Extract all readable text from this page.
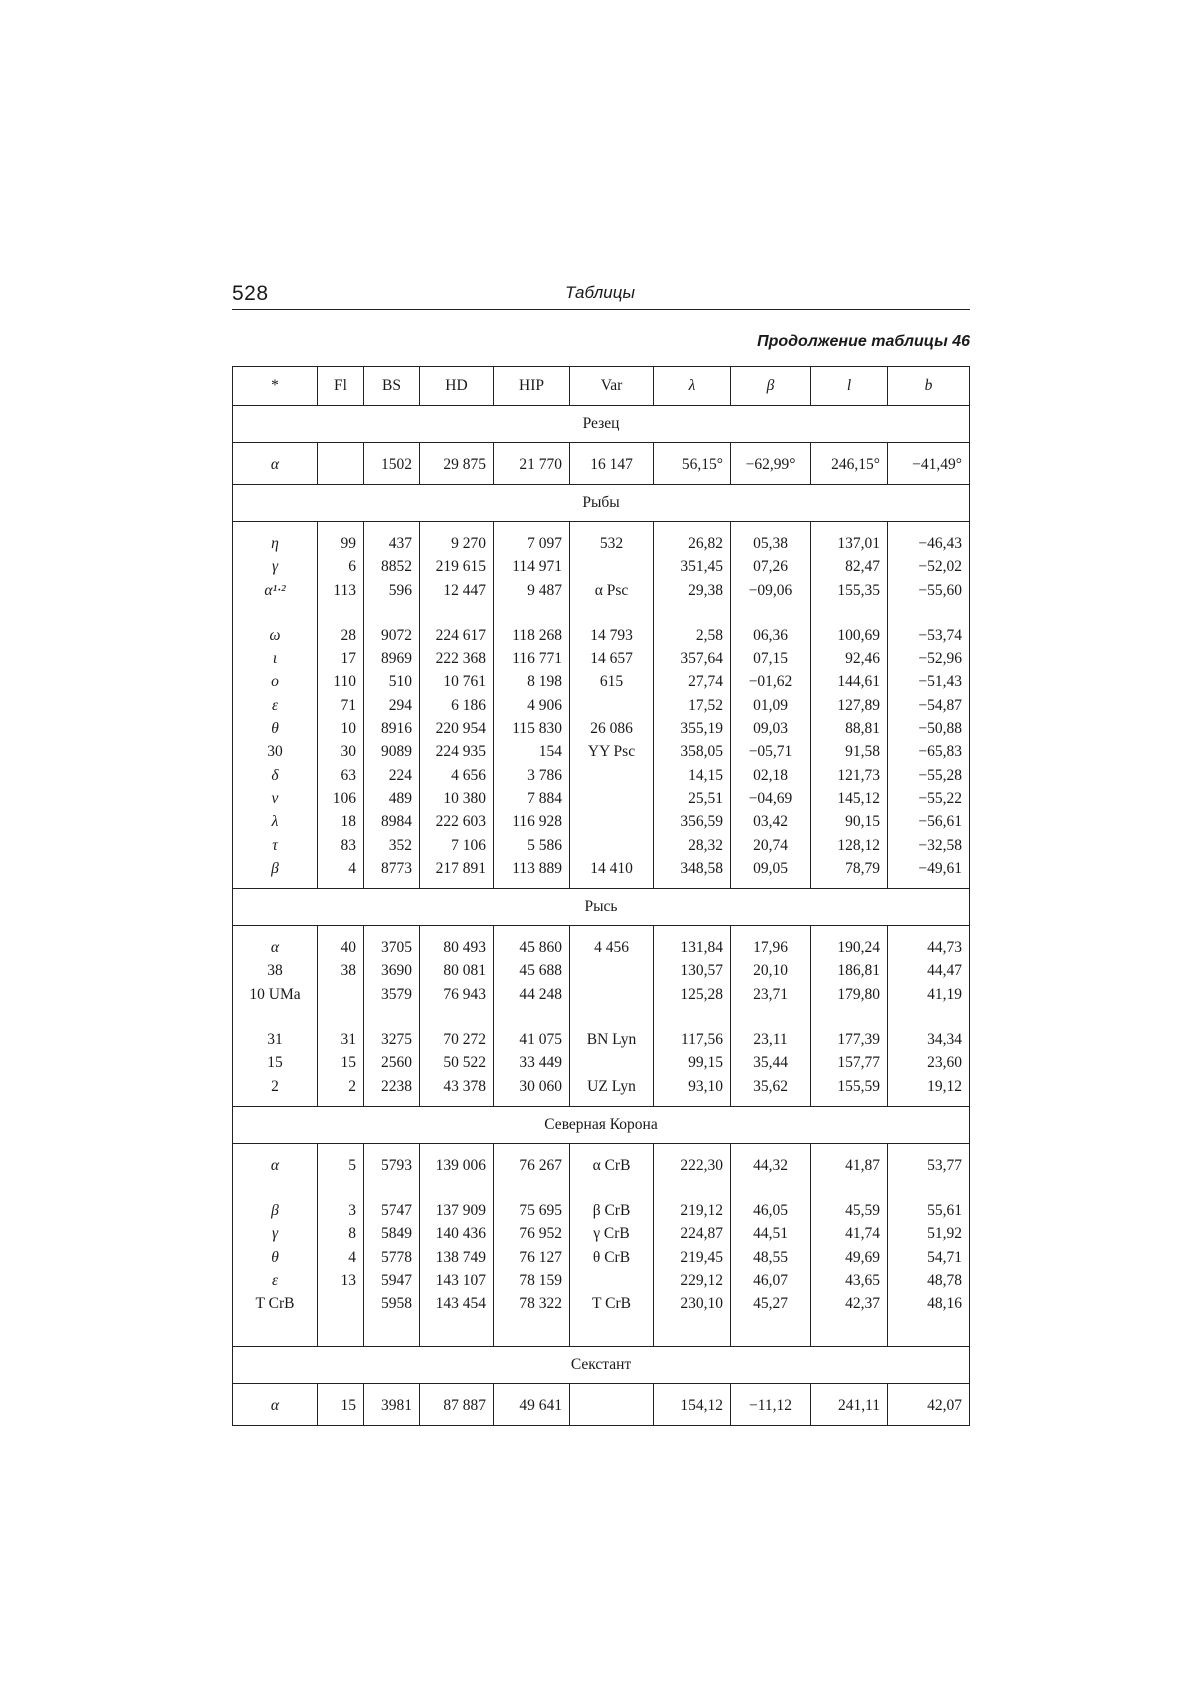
528	Таблицы
Продолжение таблицы 46
*	Fl	BS	HD	HIP	Var	λ	β	l	b
Резец									
α		1502	29 875	21 770	16 147	56,15°	−62,99°	246,15°	−41,49°
Рыбы									
η	99	437	9 270	7 097	532	26,82	05,38	137,01	−46,43
γ	6	8852	219 615	114 971		351,45	07,26	82,47	−52,02
α¹·²	113	596	12 447	9 487	α Psc	29,38	−09,06	155,35	−55,60

ω	28	9072	224 617	118 268	14 793	2,58	06,36	100,69	−53,74
ι	17	8969	222 368	116 771	14 657	357,64	07,15	92,46	−52,96
ο	110	510	10 761	8 198	615	27,74	−01,62	144,61	−51,43
ε	71	294	6 186	4 906		17,52	01,09	127,89	−54,87
θ	10	8916	220 954	115 830	26 086	355,19	09,03	88,81	−50,88
30	30	9089	224 935	154	YY Psc	358,05	−05,71	91,58	−65,83
δ	63	224	4 656	3 786		14,15	02,18	121,73	−55,28
ν	106	489	10 380	7 884		25,51	−04,69	145,12	−55,22
λ	18	8984	222 603	116 928		356,59	03,42	90,15	−56,61
τ	83	352	7 106	5 586		28,32	20,74	128,12	−32,58
β	4	8773	217 891	113 889	14 410	348,58	09,05	78,79	−49,61
Рысь									
α	40	3705	80 493	45 860	4 456	131,84	17,96	190,24	44,73
38	38	3690	80 081	45 688		130,57	20,10	186,81	44,47
10 UMa		3579	76 943	44 248		125,28	23,71	179,80	41,19

31	31	3275	70 272	41 075	BN Lyn	117,56	23,11	177,39	34,34
15	15	2560	50 522	33 449		99,15	35,44	157,77	23,60
2	2	2238	43 378	30 060	UZ Lyn	93,10	35,62	155,59	19,12
Северная Корона									
α	5	5793	139 006	76 267	α CrB	222,30	44,32	41,87	53,77

β	3	5747	137 909	75 695	β CrB	219,12	46,05	45,59	55,61
γ	8	5849	140 436	76 952	γ CrB	224,87	44,51	41,74	51,92
θ	4	5778	138 749	76 127	θ CrB	219,45	48,55	49,69	54,71
ε	13	5947	143 107	78 159		229,12	46,07	43,65	48,78
T CrB		5958	143 454	78 322	T CrB	230,10	45,27	42,37	48,16

Секстант									
α	15	3981	87 887	49 641		154,12	−11,12	241,11	42,07
